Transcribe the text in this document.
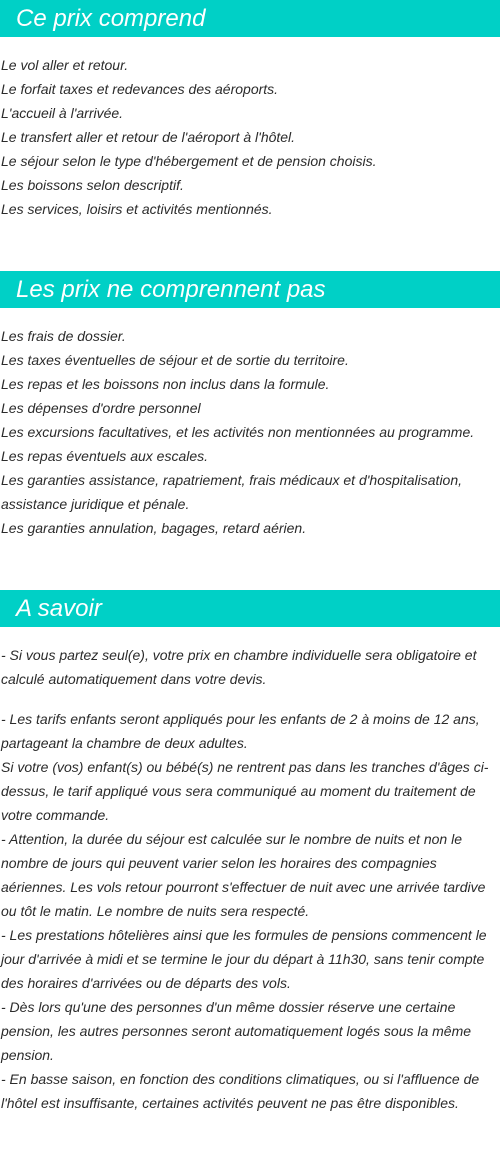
Ce prix comprend
Le vol aller et retour.
Le forfait taxes et redevances des aéroports.
L'accueil à l'arrivée.
Le transfert aller et retour de l'aéroport à l'hôtel.
Le séjour selon le type d'hébergement et de pension choisis.
Les boissons selon descriptif.
Les services, loisirs et activités mentionnés.
Les prix ne comprennent pas
Les frais de dossier.
Les taxes éventuelles de séjour et de sortie du territoire.
Les repas et les boissons non inclus dans la formule.
Les dépenses d'ordre personnel
Les excursions facultatives, et les activités non mentionnées au programme.
Les repas éventuels aux escales.
Les garanties assistance, rapatriement, frais médicaux et d'hospitalisation, assistance juridique et pénale.
Les garanties annulation, bagages, retard aérien.
A savoir
- Si vous partez seul(e), votre prix en chambre individuelle sera obligatoire et calculé automatiquement dans votre devis.
- Les tarifs enfants seront appliqués pour les enfants de 2 à moins de 12 ans, partageant la chambre de deux adultes.
Si votre (vos) enfant(s) ou bébé(s) ne rentrent pas dans les tranches d'âges ci-dessus, le tarif appliqué vous sera communiqué au moment du traitement de votre commande.
- Attention, la durée du séjour est calculée sur le nombre de nuits et non le nombre de jours qui peuvent varier selon les horaires des compagnies aériennes. Les vols retour pourront s'effectuer de nuit avec une arrivée tardive ou tôt le matin. Le nombre de nuits sera respecté.
- Les prestations hôtelières ainsi que les formules de pensions commencent le jour d'arrivée à midi et se termine le jour du départ à 11h30, sans tenir compte des horaires d'arrivées ou de départs des vols.
- Dès lors qu'une des personnes d'un même dossier réserve une certaine pension, les autres personnes seront automatiquement logés sous la même pension.
- En basse saison, en fonction des conditions climatiques, ou si l'affluence de l'hôtel est insuffisante, certaines activités peuvent ne pas être disponibles.
